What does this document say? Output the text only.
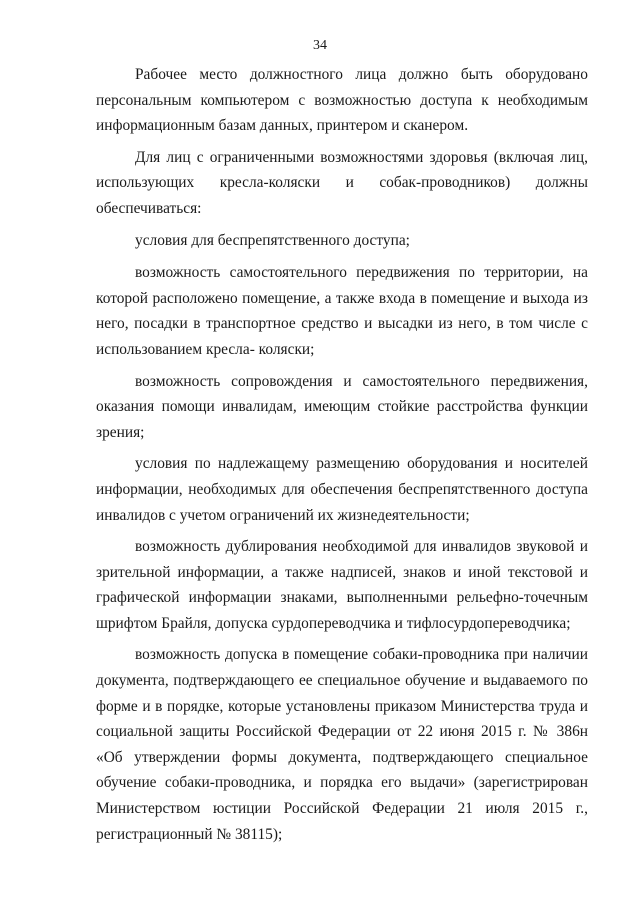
34

Рабочее место должностного лица должно быть оборудовано персональным компьютером с возможностью доступа к необходимым информационным базам данных, принтером и сканером.

Для лиц с ограниченными возможностями здоровья (включая лиц, использующих кресла-коляски и собак-проводников) должны обеспечиваться:

условия для беспрепятственного доступа;

возможность самостоятельного передвижения по территории, на которой расположено помещение, а также входа в помещение и выхода из него, посадки в транспортное средство и высадки из него, в том числе с использованием кресла- коляски;

возможность сопровождения и самостоятельного передвижения, оказания помощи инвалидам, имеющим стойкие расстройства функции зрения;

условия по надлежащему размещению оборудования и носителей информации, необходимых для обеспечения беспрепятственного доступа инвалидов с учетом ограничений их жизнедеятельности;

возможность дублирования необходимой для инвалидов звуковой и зрительной информации, а также надписей, знаков и иной текстовой и графической информации знаками, выполненными рельефно-точечным шрифтом Брайля, допуска сурдопереводчика и тифлосурдопереводчика;

возможность допуска в помещение собаки-проводника при наличии документа, подтверждающего ее специальное обучение и выдаваемого по форме и в порядке, которые установлены приказом Министерства труда и социальной защиты Российской Федерации от 22 июня 2015 г. № 386н «Об утверждении формы документа, подтверждающего специальное обучение собаки-проводника, и порядка его выдачи» (зарегистрирован Министерством юстиции Российской Федерации 21 июля 2015 г., регистрационный № 38115);
